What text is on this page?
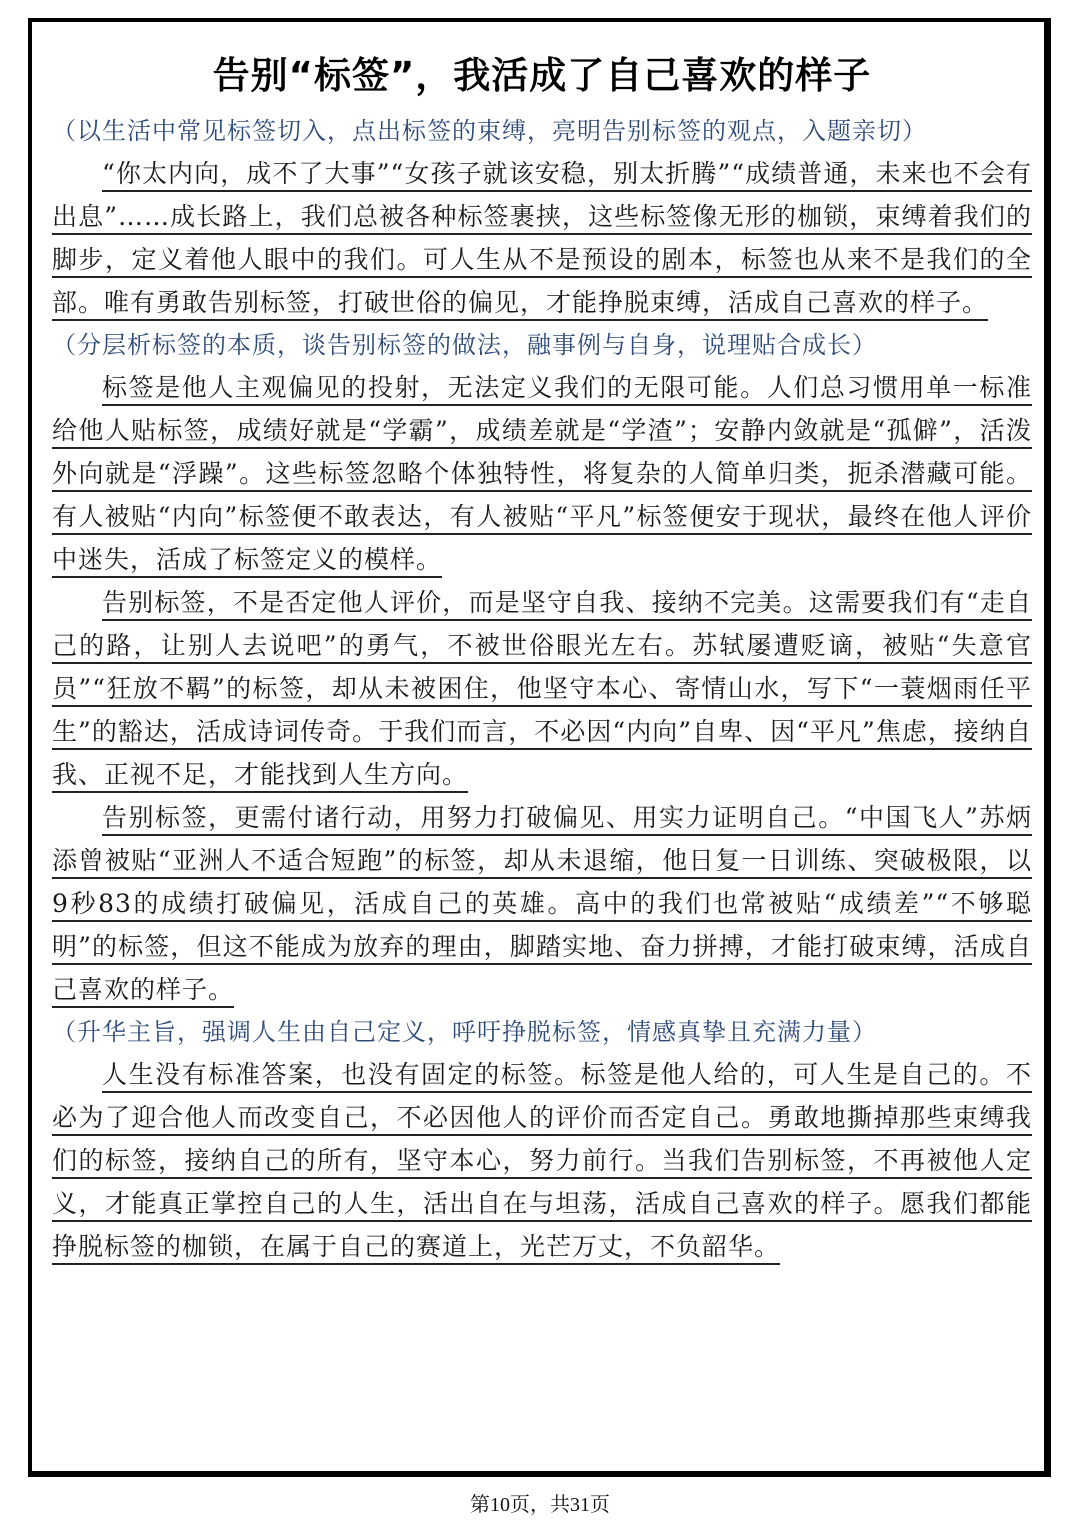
告别“标签”，我活成了自己喜欢的样子

（以生活中常见标签切入，点出标签的束缚，亮明告别标签的观点，入题亲切）

“你太内向，成不了大事”“女孩子就该安稳，别太折腾”“成绩普通，未来也不会有出息”……成长路上，我们总被各种标签裹挟，这些标签像无形的枷锁，束缚着我们的脚步，定义着他人眼中的我们。可人生从不是预设的剧本，标签也从来不是我们的全部。唯有勇敢告别标签，打破世俗的偏见，才能挣脱束缚，活成自己喜欢的样子。

（分层析标签的本质，谈告别标签的做法，融事例与自身，说理贴合成长）

标签是他人主观偏见的投射，无法定义我们的无限可能。人们总习惯用单一标准给他人贴标签，成绩好就是“学霸”，成绩差就是“学渣”；安静内敛就是“孤僻”，活泼外向就是“浮躁”。这些标签忽略个体独特性，将复杂的人简单归类，扼杀潜藏可能。有人被贴“内向”标签便不敢表达，有人被贴“平凡”标签便安于现状，最终在他人评价中迷失，活成了标签定义的模样。

告别标签，不是否定他人评价，而是坚守自我、接纳不完美。这需要我们有“走自己的路，让别人去说吧”的勇气，不被世俗眼光左右。苏轼屡遭贬谪，被贴“失意官员”“狂放不羁”的标签，却从未被困住，他坚守本心、寄情山水，写下“一蓑烟雨任平生”的豁达，活成诗词传奇。于我们而言，不必因“内向”自卑、因“平凡”焦虑，接纳自我、正视不足，才能找到人生方向。

告别标签，更需付诸行动，用努力打破偏见、用实力证明自己。“中国飞人”苏炳添曾被贴“亚洲人不适合短跑”的标签，却从未退缩，他日复一日训练、突破极限，以9秒83的成绩打破偏见，活成自己的英雄。高中的我们也常被贴“成绩差”“不够聪明”的标签，但这不能成为放弃的理由，脚踏实地、奋力拼搏，才能打破束缚，活成自己喜欢的样子。

（升华主旨，强调人生由自己定义，呼吁挣脱标签，情感真挚且充满力量）

人生没有标准答案，也没有固定的标签。标签是他人给的，可人生是自己的。不必为了迎合他人而改变自己，不必因他人的评价而否定自己。勇敢地撕掉那些束缚我们的标签，接纳自己的所有，坚守本心，努力前行。当我们告别标签，不再被他人定义，才能真正掌控自己的人生，活出自在与坦荡，活成自己喜欢的样子。愿我们都能挣脱标签的枷锁，在属于自己的赛道上，光芒万丈，不负韶华。

第10页，共31页
